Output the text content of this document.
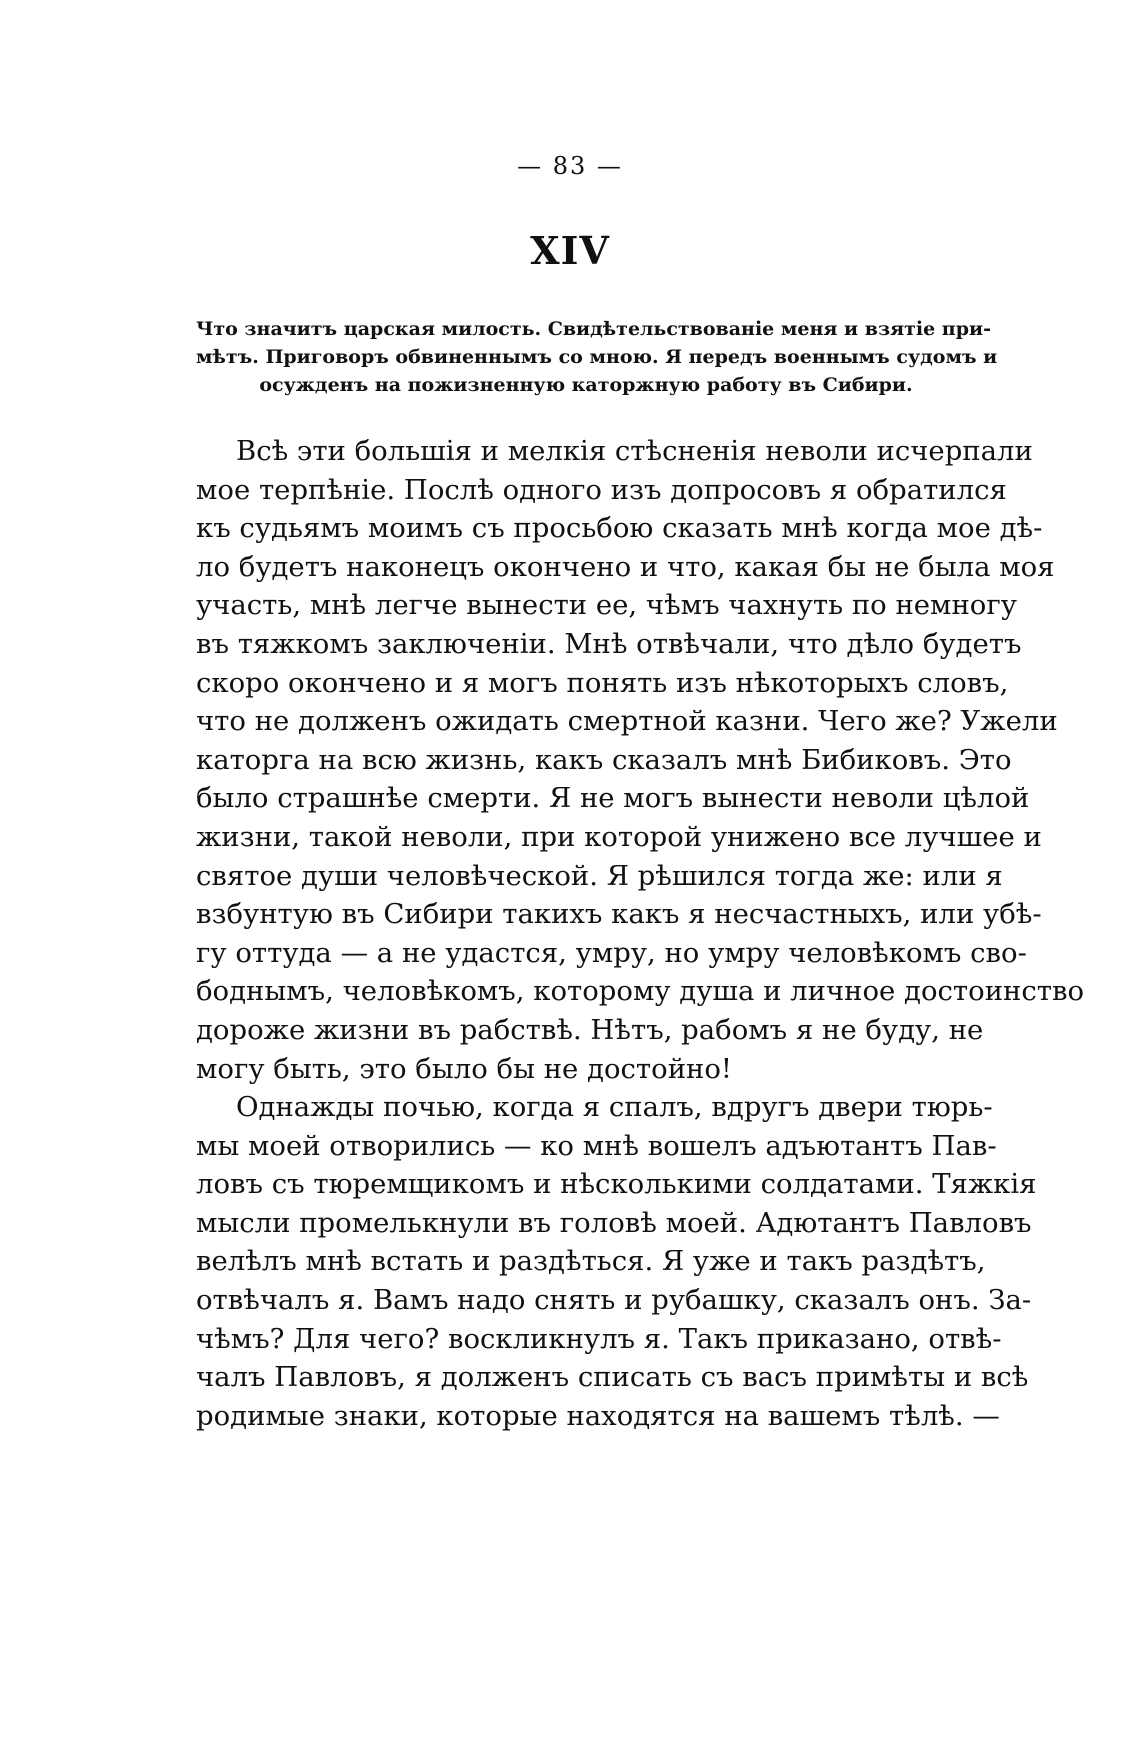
— 83 —
XIV
Что значитъ царская милость. Свидѣтельствованіе меня и взятіе при-
мѣтъ. Приговоръ обвиненнымъ со мною. Я передъ военнымъ судомъ и
осужденъ на пожизненную каторжную работу въ Сибири.
Всѣ эти большія и мелкія стѣсненія неволи исчерпали
мое терпѣніе. Послѣ одного изъ допросовъ я обратился
къ судьямъ моимъ съ просьбою сказать мнѣ когда мое дѣ-
ло будетъ наконецъ окончено и что, какая бы не была моя
участь, мнѣ легче вынести ее, чѣмъ чахнуть по немногу
въ тяжкомъ заключеніи. Мнѣ отвѣчали, что дѣло будетъ
скоро окончено и я могъ понять изъ нѣкоторыхъ словъ,
что не долженъ ожидать смертной казни. Чего же? Ужели
каторга на всю жизнь, какъ сказалъ мнѣ Бибиковъ. Это
было страшнѣе смерти. Я не могъ вынести неволи цѣлой
жизни, такой неволи, при которой унижено все лучшее и
святое души человѣческой. Я рѣшился тогда же: или я
взбунтую въ Сибири такихъ какъ я несчастныхъ, или убѣ-
гу оттуда — а не удастся, умру, но умру человѣкомъ сво-
боднымъ, человѣкомъ, которому душа и личное достоинство
дороже жизни въ рабствѣ. Нѣтъ, рабомъ я не буду, не
могу быть, это было бы не достойно!
Однажды почью, когда я спалъ, вдругъ двери тюрь-
мы моей отворились — ко мнѣ вошелъ адъютантъ Пав-
ловъ съ тюремщикомъ и нѣсколькими солдатами. Тяжкія
мысли промелькнули въ головѣ моей. Адютантъ Павловъ
велѣлъ мнѣ встать и раздѣться. Я уже и такъ раздѣтъ,
отвѣчалъ я. Вамъ надо снять и рубашку, сказалъ онъ. За-
чѣмъ? Для чего? воскликнулъ я. Такъ приказано, отвѣ-
чалъ Павловъ, я долженъ списать съ васъ примѣты и всѣ
родимые знаки, которые находятся на вашемъ тѣлѣ. —
